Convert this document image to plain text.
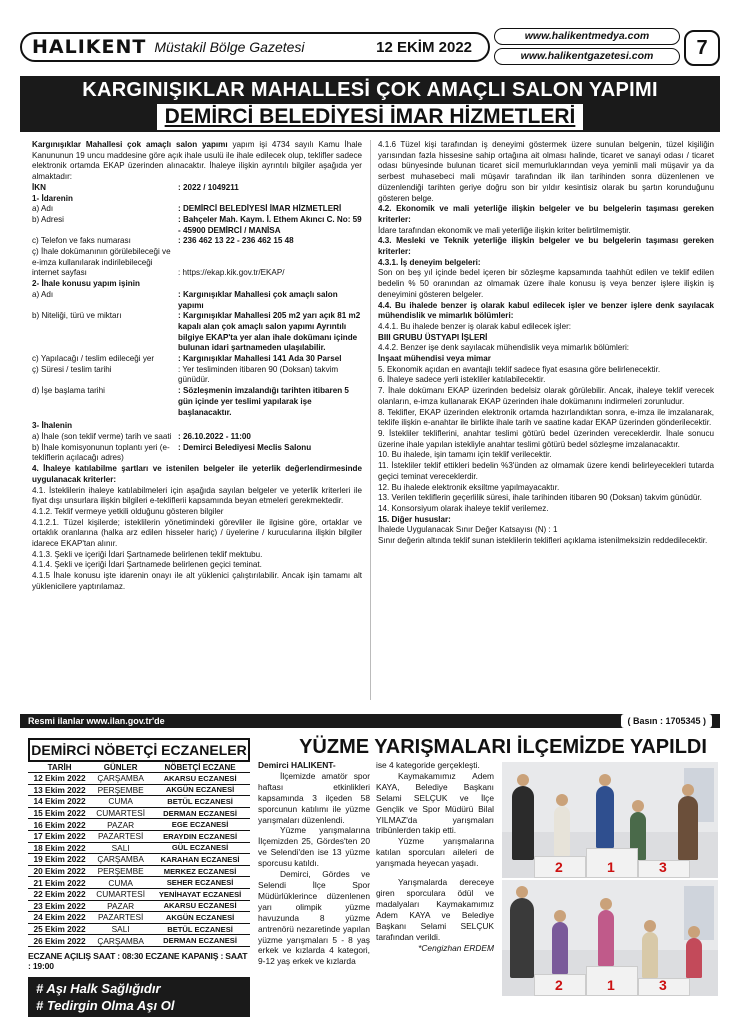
HALIKENT Müstakil Bölge Gazetesi	12 EKİM 2022
www.halikentmedya.com
www.halikentgazetesi.com	7
KARGINIŞIKLAR MAHALLESİ ÇOK AMAÇLI SALON YAPIMI
DEMİRCİ BELEDİYESİ İMAR HİZMETLERİ

Kargınışıklar Mahallesi çok amaçlı salon yapımı yapım işi 4734 sayılı Kamu İhale Kanununun 19 uncu maddesine göre açık ihale usulü ile ihale edilecek olup, teklifler sadece elektronik ortamda EKAP üzerinden alınacaktır. İhaleye ilişkin ayrıntılı bilgiler aşağıda yer almaktadır:

İKN	: 2022 / 1049211

1- İdarenin

a) Adı	: DEMİRCİ BELEDİYESİ İMAR HİZMETLERİ
b) Adresi	: Bahçeler Mah. Kaym. İ. Ethem Akıncı C. No: 59 - 45900 DEMİRCİ / MANİSA
c) Telefon ve faks numarası	: 236 462 13 22 - 236 462 15 48
ç) İhale dokümanının görülebileceği ve e-imza kullanılarak indirilebileceği internet sayfası	: https://ekap.kik.gov.tr/EKAP/

2- İhale konusu yapım işinin

a) Adı	: Kargınışıklar Mahallesi çok amaçlı salon yapımı
b) Niteliği, türü ve miktarı	: Kargınışıklar Mahallesi 205 m2 yarı açık 81 m2 kapalı alan çok amaçlı salon yapımı Ayrıntılı bilgiye EKAP'ta yer alan ihale dokümanı içinde bulunan idari şartnameden ulaşılabilir.
c) Yapılacağı / teslim edileceği yer	: Kargınışıklar Mahallesi 141 Ada 30 Parsel
ç) Süresi / teslim tarihi	: Yer tesliminden itibaren 90 (Doksan) takvim günüdür.
d) İşe başlama tarihi	: Sözleşmenin imzalandığı tarihten itibaren 5 gün içinde yer teslimi yapılarak işe başlanacaktır.

3- İhalenin

a) İhale (son teklif verme) tarih ve saati : 26.10.2022 - 11:00
b) İhale komisyonunun toplantı yeri (e-tekliflerin açılacağı adres)
: Demirci Belediyesi Meclis Salonu

4. İhaleye katılabilme şartları ve istenilen belgeler ile yeterlik değerlendirmesinde uygulanacak kriterler:

4.1. İsteklilerin ihaleye katılabilmeleri için aşağıda sayılan belgeler ve yeterlik kriterleri ile fiyat dışı unsurlara ilişkin bilgileri e-tekliflerii kapsamında beyan etmeleri gerekmektedir.

4.1.2. Teklif vermeye yetkili olduğunu gösteren bilgiler

4.1.2.1. Tüzel kişilerde; isteklilerin yönetimindeki görevliler ile ilgisine göre, ortaklar ve ortaklık oranlarına (halka arz edilen hisseler hariç) / üyelerine / kurucularına ilişkin bilgiler idarece EKAP'tan alınır.

4.1.3. Şekli ve içeriği İdari Şartnamede belirlenen teklif mektubu.

4.1.4. Şekli ve içeriği İdari Şartnamede belirlenen geçici teminat.

4.1.5 İhale konusu işte idarenin onayı ile alt yüklenici çalıştırılabilir. Ancak işin tamamı alt yüklenicilere yaptırılamaz.

4.1.6 Tüzel kişi tarafından iş deneyimi göstermek üzere sunulan belgenin, tüzel kişiliğin yarısından fazla hissesine sahip ortağına ait olması halinde, ticaret ve sanayi odası / ticaret odası bünyesinde bulunan ticaret sicil memurluklarından veya yeminli mali müşavir ya da serbest muhasebeci mali müşavir tarafından ilk ilan tarihinden sonra düzenlenen ve düzenlendiği tarihten geriye doğru son bir yıldır kesintisiz olarak bu şartın korunduğunu gösteren belge.

4.2. Ekonomik ve mali yeterliğe ilişkin belgeler ve bu belgelerin taşıması gereken kriterler:

İdare tarafından ekonomik ve mali yeterliğe ilişkin kriter belirtilmemiştir.

4.3. Mesleki ve Teknik yeterliğe ilişkin belgeler ve bu belgelerin taşıması gereken kriterler:

4.3.1. İş deneyim belgeleri:

Son on beş yıl içinde bedel içeren bir sözleşme kapsamında taahhüt edilen ve teklif edilen bedelin % 50 oranından az olmamak üzere ihale konusu iş veya benzer işlere ilişkin iş deneyimini gösteren belgeler.

4.4. Bu ihalede benzer iş olarak kabul edilecek işler ve benzer işlere denk sayılacak mühendislik ve mimarlık bölümleri:

4.4.1. Bu ihalede benzer iş olarak kabul edilecek işler:

BIII GRUBU ÜSTYAPI İŞLERİ

4.4.2. Benzer işe denk sayılacak mühendislik veya mimarlık bölümleri:

İnşaat mühendisi veya mimar

5. Ekonomik açıdan en avantajlı teklif sadece fiyat esasına göre belirlenecektir.

6. İhaleye sadece yerli istekliler katılabilecektir.

7. İhale dokümanı EKAP üzerinden bedelsiz olarak görülebilir. Ancak, ihaleye teklif verecek olanların, e-imza kullanarak EKAP üzerinden ihale dokümanını indirmeleri zorunludur.

8. Teklifler, EKAP üzerinden elektronik ortamda hazırlandıktan sonra, e-imza ile imzalanarak, teklife ilişkin e-anahtar ile birlikte ihale tarih ve saatine kadar EKAP üzerinden gönderilecektir.

9. İstekliler tekliflerini, anahtar teslimi götürü bedel üzerinden vereceklerdir. İhale sonucu üzerine ihale yapılan istekliyle anahtar teslimi götürü bedel sözleşme imzalanacaktır.

10. Bu ihalede, işin tamamı için teklif verilecektir.

11. İstekliler teklif ettikleri bedelin %3'ünden az olmamak üzere kendi belirleyecekleri tutarda geçici teminat vereceklerdir.

12. Bu ihalede elektronik eksiltme yapılmayacaktır.

13. Verilen tekliflerin geçerlilik süresi, ihale tarihinden itibaren 90 (Doksan) takvim günüdür.

14. Konsorsiyum olarak ihaleye teklif verilemez.

15. Diğer hususlar:

İhalede Uygulanacak Sınır Değer Katsayısı (N) : 1

Sınır değerin altında teklif sunan isteklilerin teklifleri açıklama istenilmeksizin reddedilecektir.

Resmi ilanlar www.ilan.gov.tr'de	( Basın : 1705345 )
DEMİRCİ NÖBETÇİ ECZANELER
TARİH	GÜNLER	NÖBETÇİ ECZANE
12 Ekim 2022	ÇARŞAMBA	AKARSU ECZANESİ
13 Ekim 2022	PERŞEMBE	AKGÜN ECZANESİ
14 Ekim 2022	CUMA	BETÜL ECZANESİ
15 Ekim 2022	CUMARTESİ	DERMAN ECZANESİ
16 Ekim 2022	PAZAR	EGE ECZANESİ
17 Ekim 2022	PAZARTESİ	ERAYDIN ECZANESİ
18 Ekim 2022	SALI	GÜL ECZANESİ
19 Ekim 2022	ÇARŞAMBA	KARAHAN ECZANESİ
20 Ekim 2022	PERŞEMBE	MERKEZ ECZANESİ
21 Ekim 2022	CUMA	SEHER ECZANESİ
22 Ekim 2022	CUMARTESİ	YENİHAYAT ECZANESİ
23 Ekim 2022	PAZAR	AKARSU ECZANESİ
24 Ekim 2022	PAZARTESİ	AKGÜN ECZANESİ
25 Ekim 2022	SALI	BETÜL ECZANESİ
26 Ekim 2022	ÇARŞAMBA	DERMAN ECZANESİ
ECZANE AÇILIŞ SAAT : 08:30 ECZANE KAPANIŞ : SAAT : 19:00
# Aşı Halk Sağlığıdır
# Tedirgin Olma Aşı Ol
YÜZME YARIŞMALARI İLÇEMİZDE YAPILDI

Demirci HALIKENT-

İlçemizde amatör spor haftası etkinlikleri kapsamında 3 ilçeden 58 sporcunun katılımı ile yüzme yarışmaları düzenlendi.

Yüzme yarışmalarına İlçemizden 25, Gördes'ten 20 ve Selendi'den ise 13 yüzme sporcusu katıldı.

Demirci, Gördes ve Selendi İlçe Spor Müdürlüklerince düzenlenen yarı olimpik yüzme havuzunda 8 yüzme antrenörü nezaretinde yapılan yüzme yarışmaları 5 - 8 yaş erkek ve kızlarda 4 kategori, 9-12 yaş erkek ve kızlarda

ise 4 kategoride gerçekleşti.

Kaymakamımız Adem KAYA, Belediye Başkanı Selami SELÇUK ve İlçe Gençlik ve Spor Müdürü Bilal YILMAZ'da yarışmaları tribünlerden takip etti.

Yüzme yarışmalarına katılan sporcuları aileleri de yarışmada heyecan yaşadı.

Yarışmalarda dereceye giren sporculara ödül ve madalyaları Kaymakamımız Adem KAYA ve Belediye Başkanı Selami SELÇUK tarafından verildi.

*Cengizhan ERDEM

2	1	3
2	1	3
